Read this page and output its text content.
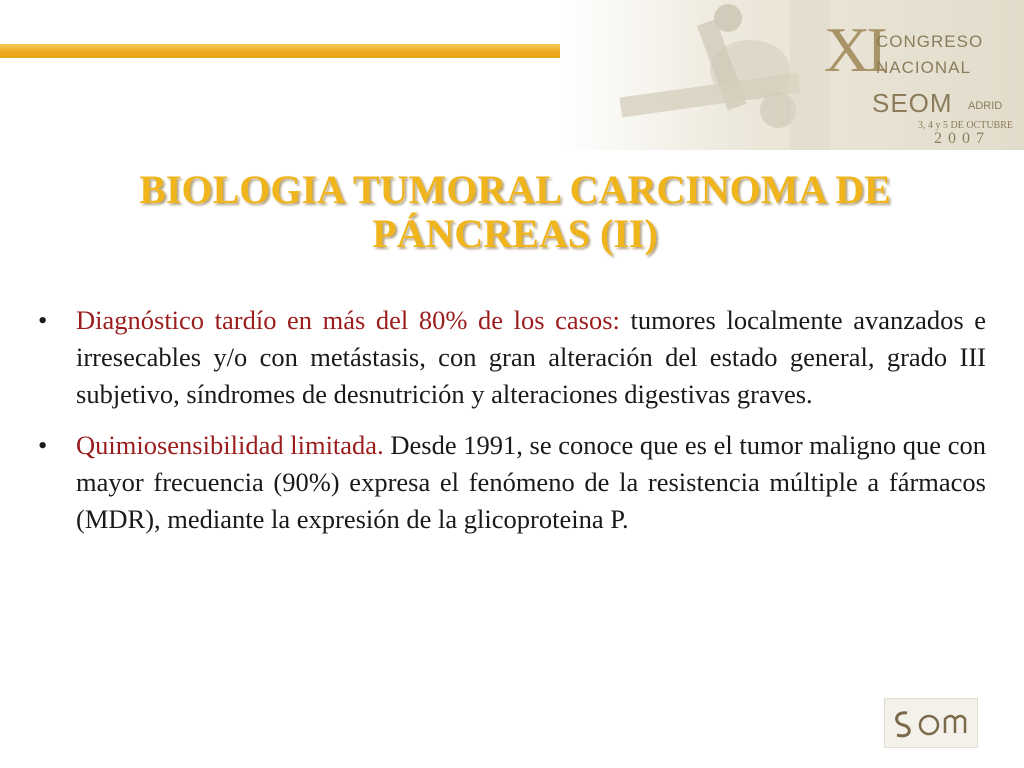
XI
CONGRESO
NACIONAL
SEOM ADRID
3, 4 y 5 DE OCTUBRE
2007
BIOLOGIA TUMORAL CARCINOMA DE
PÁNCREAS (II)
•	Diagnóstico tardío en más del 80% de los casos: tumores localmente avanzados e irresecables y/o con metástasis, con gran alteración del estado general, grado III subjetivo, síndromes de desnutrición y alteraciones digestivas graves.
•	Quimiosensibilidad limitada. Desde 1991, se conoce que es el tumor maligno que con mayor frecuencia (90%) expresa el fenómeno de la resistencia múltiple a fármacos (MDR), mediante la expresión de la glicoproteina P.
